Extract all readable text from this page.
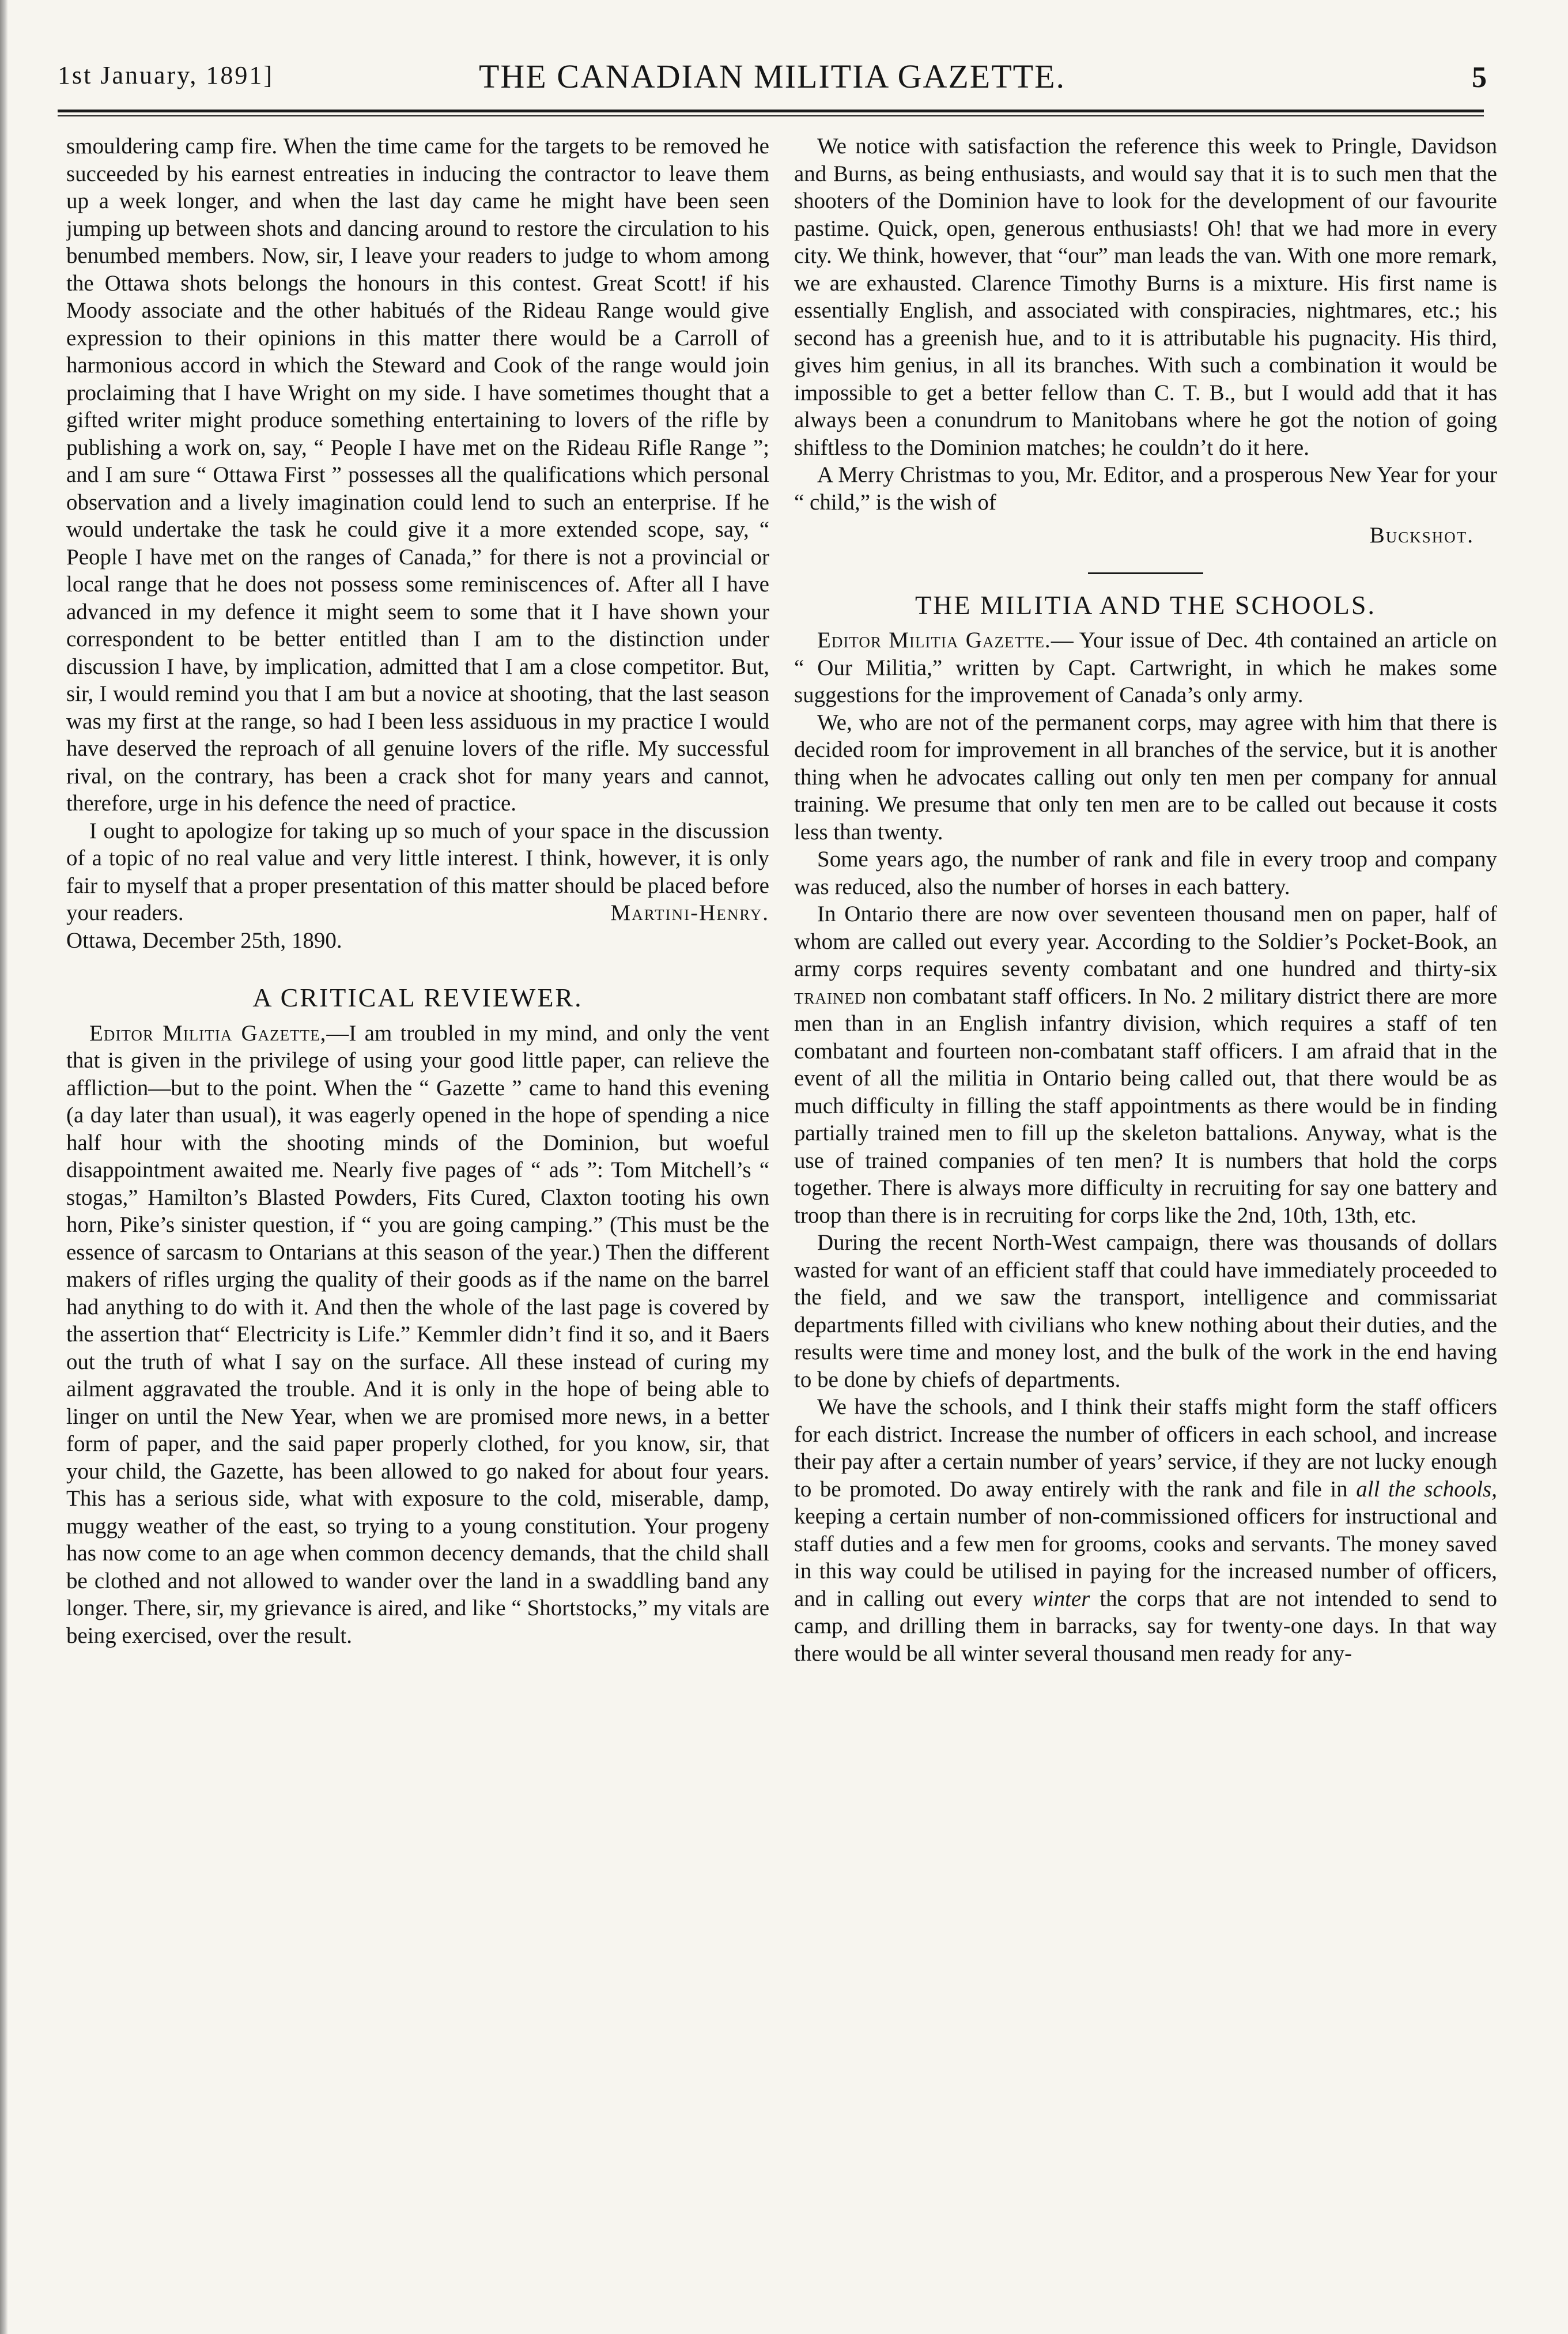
1st January, 1891]	THE CANADIAN MILITIA GAZETTE.	5

smouldering camp fire. When the time came for the targets to be removed he succeeded by his earnest entreaties in inducing the contractor to leave them up a week longer, and when the last day came he might have been seen jumping up between shots and dancing around to restore the circulation to his benumbed members. Now, sir, I leave your readers to judge to whom among the Ottawa shots belongs the honours in this contest. Great Scott! if his Moody associate and the other habitués of the Rideau Range would give expression to their opinions in this matter there would be a Carroll of harmonious accord in which the Steward and Cook of the range would join proclaiming that I have Wright on my side. I have sometimes thought that a gifted writer might produce something entertaining to lovers of the rifle by publishing a work on, say, “ People I have met on the Rideau Rifle Range ”; and I am sure “ Ottawa First ” possesses all the qualifications which personal observation and a lively imagination could lend to such an enterprise. If he would undertake the task he could give it a more extended scope, say, “ People I have met on the ranges of Canada,” for there is not a provincial or local range that he does not possess some reminiscences of. After all I have advanced in my defence it might seem to some that it I have shown your correspondent to be better entitled than I am to the distinction under discussion I have, by implication, admitted that I am a close competitor. But, sir, I would remind you that I am but a novice at shooting, that the last season was my first at the range, so had I been less assiduous in my practice I would have deserved the reproach of all genuine lovers of the rifle. My successful rival, on the contrary, has been a crack shot for many years and cannot, therefore, urge in his defence the need of practice.

I ought to apologize for taking up so much of your space in the discussion of a topic of no real value and very little interest. I think, however, it is only fair to myself that a proper presentation of this matter should be placed before your readers.	Martini-Henry.

Ottawa, December 25th, 1890.

A CRITICAL REVIEWER.

Editor Militia Gazette,—I am troubled in my mind, and only the vent that is given in the privilege of using your good little paper, can relieve the affliction—but to the point. When the “ Gazette ” came to hand this evening (a day later than usual), it was eagerly opened in the hope of spending a nice half hour with the shooting minds of the Dominion, but woeful disappointment awaited me. Nearly five pages of “ ads ”: Tom Mitchell’s “ stogas,” Hamilton’s Blasted Powders, Fits Cured, Claxton tooting his own horn, Pike’s sinister question, if “ you are going camping.” (This must be the essence of sarcasm to Ontarians at this season of the year.) Then the different makers of rifles urging the quality of their goods as if the name on the barrel had anything to do with it. And then the whole of the last page is covered by the assertion that“ Electricity is Life.” Kemmler didn’t find it so, and it Baers out the truth of what I say on the surface. All these instead of curing my ailment aggravated the trouble. And it is only in the hope of being able to linger on until the New Year, when we are promised more news, in a better form of paper, and the said paper properly clothed, for you know, sir, that your child, the Gazette, has been allowed to go naked for about four years. This has a serious side, what with exposure to the cold, miserable, damp, muggy weather of the east, so trying to a young constitution. Your progeny has now come to an age when common decency demands, that the child shall be clothed and not allowed to wander over the land in a swaddling band any longer. There, sir, my grievance is aired, and like “ Shortstocks,” my vitals are being exercised, over the result.

We notice with satisfaction the reference this week to Pringle, Davidson and Burns, as being enthusiasts, and would say that it is to such men that the shooters of the Dominion have to look for the development of our favourite pastime. Quick, open, generous enthusiasts! Oh! that we had more in every city. We think, however, that “our” man leads the van. With one more remark, we are exhausted. Clarence Timothy Burns is a mixture. His first name is essentially English, and associated with conspiracies, nightmares, etc.; his second has a greenish hue, and to it is attributable his pugnacity. His third, gives him genius, in all its branches. With such a combination it would be impossible to get a better fellow than C. T. B., but I would add that it has always been a conundrum to Manitobans where he got the notion of going shiftless to the Dominion matches; he couldn’t do it here.

A Merry Christmas to you, Mr. Editor, and a prosperous New Year for your “ child,” is the wish of

Buckshot.
THE MILITIA AND THE SCHOOLS.

Editor Militia Gazette.— Your issue of Dec. 4th contained an article on “ Our Militia,” written by Capt. Cartwright, in which he makes some suggestions for the improvement of Canada’s only army.

We, who are not of the permanent corps, may agree with him that there is decided room for improvement in all branches of the service, but it is another thing when he advocates calling out only ten men per company for annual training. We presume that only ten men are to be called out because it costs less than twenty.

Some years ago, the number of rank and file in every troop and company was reduced, also the number of horses in each battery.

In Ontario there are now over seventeen thousand men on paper, half of whom are called out every year. According to the Soldier’s Pocket-Book, an army corps requires seventy combatant and one hundred and thirty-six trained non combatant staff officers. In No. 2 military district there are more men than in an English infantry division, which requires a staff of ten combatant and fourteen non-combatant staff officers. I am afraid that in the event of all the militia in Ontario being called out, that there would be as much difficulty in filling the staff appointments as there would be in finding partially trained men to fill up the skeleton battalions. Anyway, what is the use of trained companies of ten men? It is numbers that hold the corps together. There is always more difficulty in recruiting for say one battery and troop than there is in recruiting for corps like the 2nd, 10th, 13th, etc.

During the recent North-West campaign, there was thousands of dollars wasted for want of an efficient staff that could have immediately proceeded to the field, and we saw the transport, intelligence and commissariat departments filled with civilians who knew nothing about their duties, and the results were time and money lost, and the bulk of the work in the end having to be done by chiefs of departments.

We have the schools, and I think their staffs might form the staff officers for each district. Increase the number of officers in each school, and increase their pay after a certain number of years’ service, if they are not lucky enough to be promoted. Do away entirely with the rank and file in all the schools, keeping a certain number of non-commissioned officers for instructional and staff duties and a few men for grooms, cooks and servants. The money saved in this way could be utilised in paying for the increased number of officers, and in calling out every winter the corps that are not intended to send to camp, and drilling them in barracks, say for twenty-one days. In that way there would be all winter several thousand men ready for any-
